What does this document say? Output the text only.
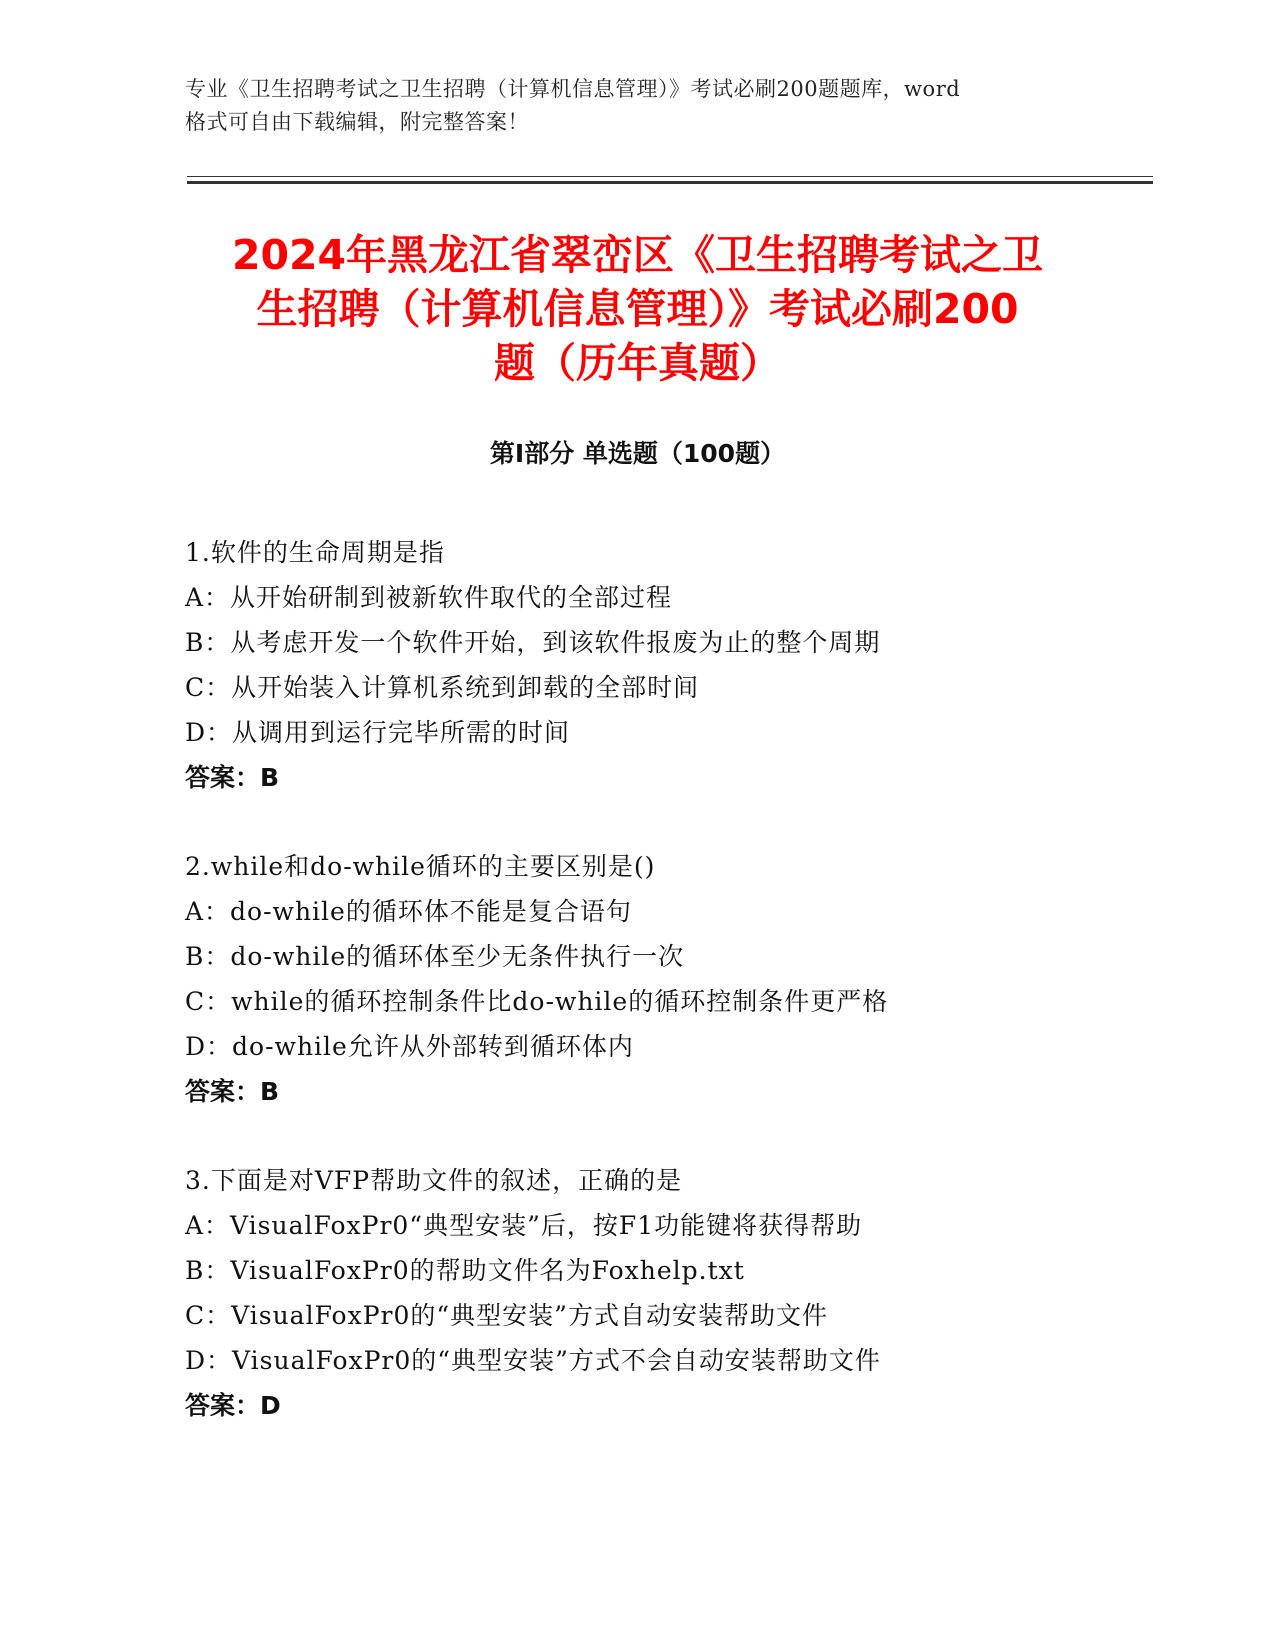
专业《卫生招聘考试之卫生招聘（计算机信息管理）》考试必刷200题题库，word
格式可自由下载编辑，附完整答案！
2024年黑龙江省翠峦区《卫生招聘考试之卫
生招聘（计算机信息管理）》考试必刷200
题（历年真题）
第Ⅰ部分 单选题（100题）
1.软件的生命周期是指
A：从开始研制到被新软件取代的全部过程
B：从考虑开发一个软件开始，到该软件报废为止的整个周期
C：从开始装入计算机系统到卸载的全部时间
D：从调用到运行完毕所需的时间
答案：B
2.while和do-while循环的主要区别是()
A：do-while的循环体不能是复合语句
B：do-while的循环体至少无条件执行一次
C：while的循环控制条件比do-while的循环控制条件更严格
D：do-while允许从外部转到循环体内
答案：B
3.下面是对VFP帮助文件的叙述，正确的是
A：VisualFoxPr0“典型安装”后，按F1功能键将获得帮助
B：VisualFoxPr0的帮助文件名为Foxhelp.txt
C：VisualFoxPr0的“典型安装”方式自动安装帮助文件
D：VisualFoxPr0的“典型安装”方式不会自动安装帮助文件
答案：D
